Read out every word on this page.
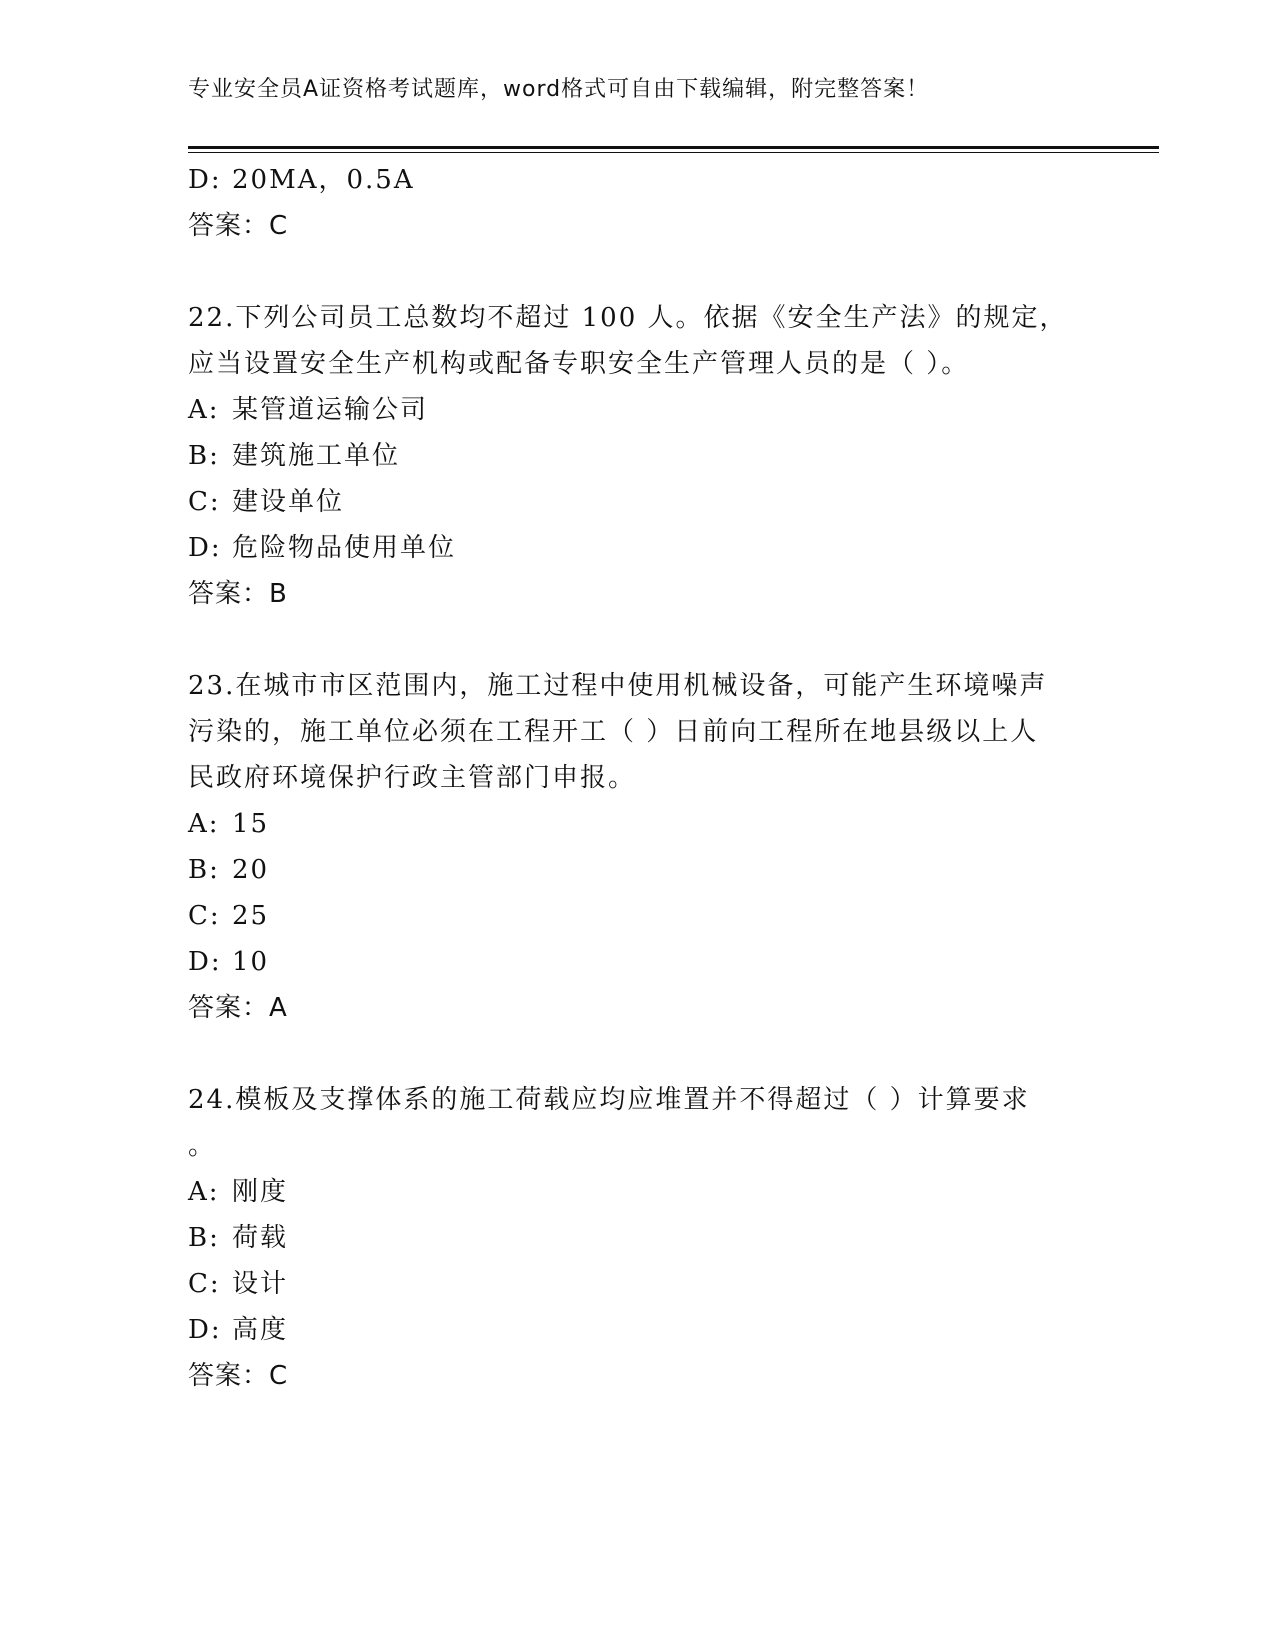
专业安全员A证资格考试题库，word格式可自由下载编辑，附完整答案！
D: 20MA，0.5A
答案：C
22.下列公司员工总数均不超过 100 人。依据《安全生产法》的规定，
应当设置安全生产机构或配备专职安全生产管理人员的是（ ）。
A: 某管道运输公司
B: 建筑施工单位
C: 建设单位
D: 危险物品使用单位
答案：B
23.在城市市区范围内，施工过程中使用机械设备，可能产生环境噪声
污染的，施工单位必须在工程开工（ ）日前向工程所在地县级以上人
民政府环境保护行政主管部门申报。
A: 15
B: 20
C: 25
D: 10
答案：A
24.模板及支撑体系的施工荷载应均应堆置并不得超过（ ）计算要求
。
A: 刚度
B: 荷载
C: 设计
D: 高度
答案：C
